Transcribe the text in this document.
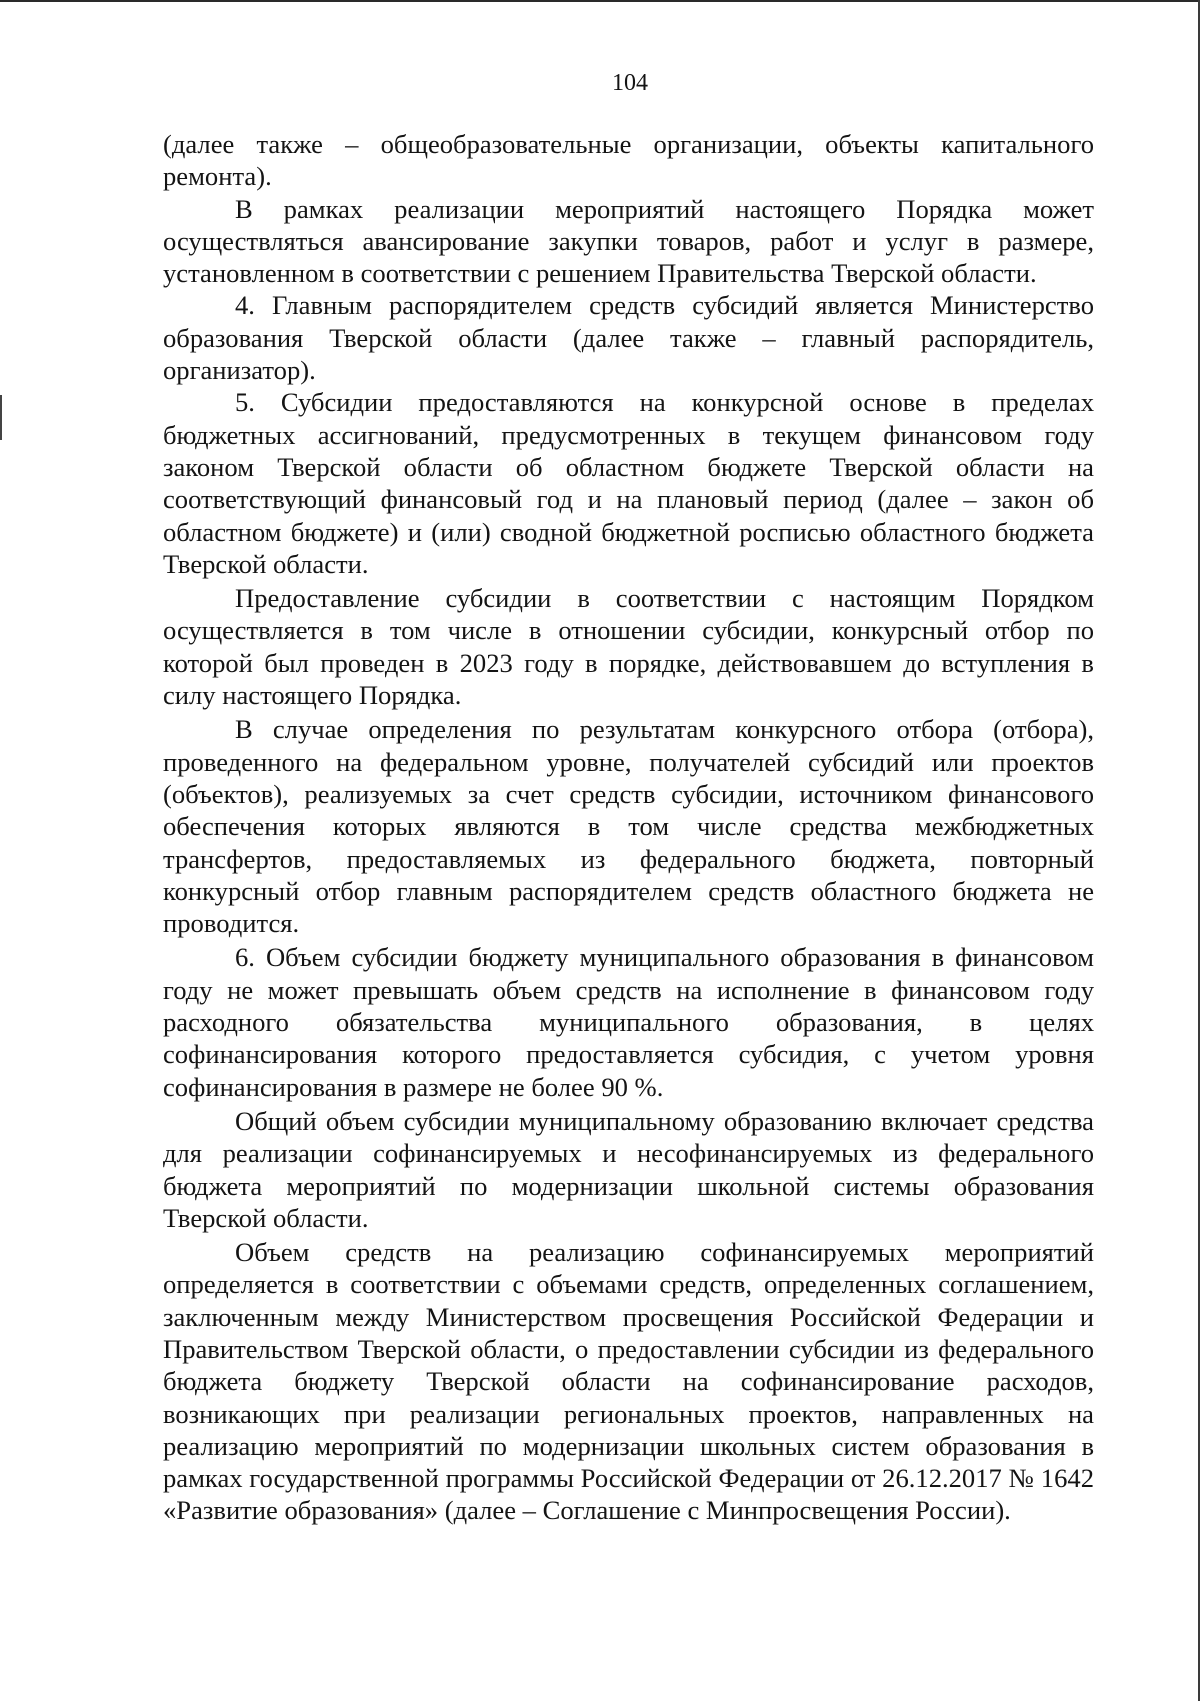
104

(далее также – общеобразовательные организации, объекты капитального ремонта).

В рамках реализации мероприятий настоящего Порядка может осуществляться авансирование закупки товаров, работ и услуг в размере, установленном в соответствии с решением Правительства Тверской области.

4. Главным распорядителем средств субсидий является Министерство образования Тверской области (далее также – главный распорядитель, организатор).

5. Субсидии предоставляются на конкурсной основе в пределах бюджетных ассигнований, предусмотренных в текущем финансовом году законом Тверской области об областном бюджете Тверской области на соответствующий финансовый год и на плановый период (далее – закон об областном бюджете) и (или) сводной бюджетной росписью областного бюджета Тверской области.

Предоставление субсидии в соответствии с настоящим Порядком осуществляется в том числе в отношении субсидии, конкурсный отбор по которой был проведен в 2023 году в порядке, действовавшем до вступления в силу настоящего Порядка.

В случае определения по результатам конкурсного отбора (отбора), проведенного на федеральном уровне, получателей субсидий или проектов (объектов), реализуемых за счет средств субсидии, источником финансового обеспечения которых являются в том числе средства межбюджетных трансфертов, предоставляемых из федерального бюджета, повторный конкурсный отбор главным распорядителем средств областного бюджета не проводится.

6. Объем субсидии бюджету муниципального образования в финансовом году не может превышать объем средств на исполнение в финансовом году расходного обязательства муниципального образования, в целях софинансирования которого предоставляется субсидия, с учетом уровня софинансирования в размере не более 90 %.

Общий объем субсидии муниципальному образованию включает средства для реализации софинансируемых и несофинансируемых из федерального бюджета мероприятий по модернизации школьной системы образования Тверской области.

Объем средств на реализацию софинансируемых мероприятий определяется в соответствии с объемами средств, определенных соглашением, заключенным между Министерством просвещения Российской Федерации и Правительством Тверской области, о предоставлении субсидии из федерального бюджета бюджету Тверской области на софинансирование расходов, возникающих при реализации региональных проектов, направленных на реализацию мероприятий по модернизации школьных систем образования в рамках государственной программы Российской Федерации от 26.12.2017 № 1642 «Развитие образования» (далее – Соглашение с Минпросвещения России).
